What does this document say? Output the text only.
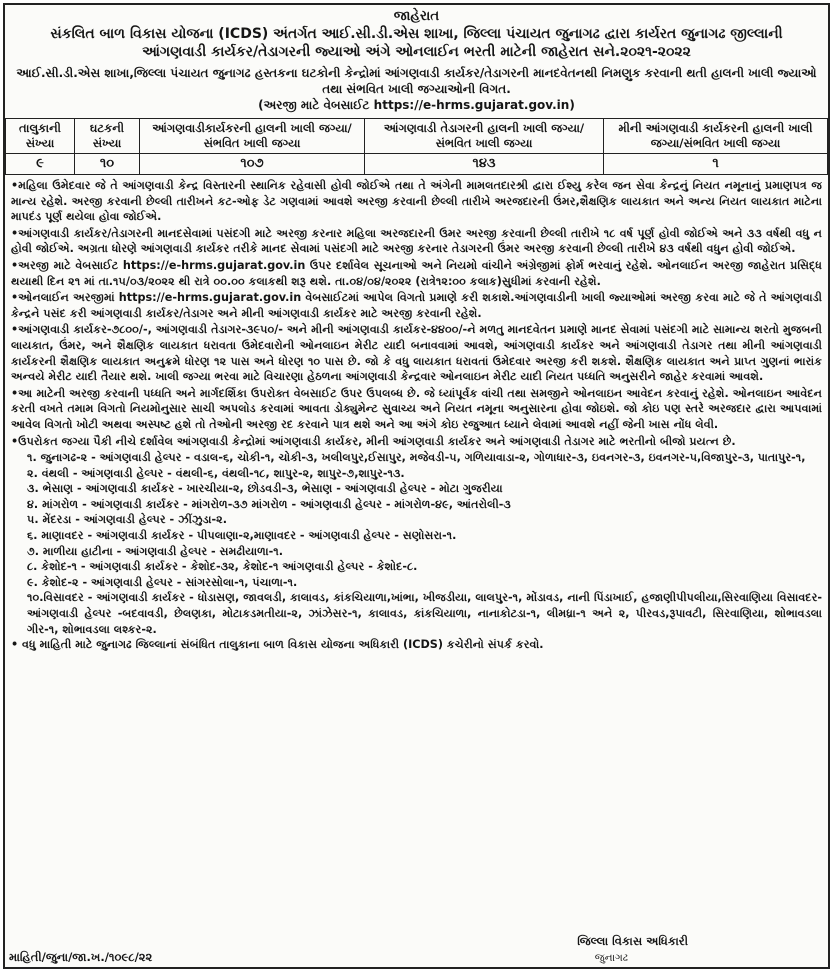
જાહેરાત
સંકલિત બાળ વિકાસ યોજના (ICDS) અંતર્ગત આઈ.સી.ડી.એસ શાખા, જિલ્લા પંચાયત જુનાગઢ દ્વારા કાર્યરત જુનાગઢ જીલ્લાની
આંગણવાડી કાર્યકર/તેડાગરની જ્યાઓ અંગે ઓનલાઈન ભરતી માટેની જાહેરાત સને.૨૦૨૧-૨૦૨૨
આઈ.સી.ડી.એસ શાખા,જિલ્લા પંચાયત જુનાગઢ હસ્તકના ઘટકોની કેન્દ્રોમાં આંગણવાડી કાર્યકર/તેડાગરની માનદવેતનથી નિમણુક કરવાની થતી હાલની ખાલી જ્યાઓ તથા સંભવિત ખાલી જગ્યાઓની વિગત.
(અરજી માટે વેબસાઈટ https://e-hrms.gujarat.gov.in)
તાલુકાની સંખ્યા	ઘટકની સંખ્યા	આંગણવાડીકાર્યકરની હાલની ખાલી જગ્યા/સંભવિત ખાલી જગ્યા	આંગણવાડી તેડાગરની હાલની ખાલી જગ્યા/ સંભવિત ખાલી જગ્યા	મીની આંગણવાડી કાર્યકરની હાલની ખાલી જગ્યા/સંભવિત ખાલી જગ્યા
૯	૧૦	૧૦૭	૧૪૩	૧

•મહિલા ઉમેદવાર જે તે આંગણવાડી કેન્દ્ર વિસ્તારની સ્થાનિક રહેવાસી હોવી જોઈએ તથા તે અંગેની મામલતદારશ્રી દ્વારા ઈશ્યુ કરેલ જન સેવા કેન્દ્રનું નિયત નમૂનાનું પ્રમાણપત્ર જ માન્ય રહેશે. અરજી કરવાની છેલ્લી તારીખને કટ-ઓફ ડેટ ગણવામાં આવશે અરજી કરવાની છેલ્લી તારીખે અરજદારની ઉંમર,શૈક્ષણિક લાયકાત અને અન્ય નિયત લાયકાત માટેના માપદંડ પૂર્ણ થયેલા હોવા જોઈએ.

•આંગણવાડી કાર્યકર/તેડાગરની માનદસેવામાં પસંદગી માટે અરજી કરનાર મહિલા અરજદારની ઉમર અરજી કરવાની છેલ્લી તારીખે ૧૮ વર્ષ પૂર્ણ હોવી જોઈએ અને ૩૩ વર્ષથી વધુ ન હોવી જોઈએ. અગ્રતા ધોરણે આંગણવાડી કાર્યકર તરીકે માનદ સેવામાં પસંદગી માટે અરજી કરનાર તેડાગરની ઉંમર અરજી કરવાની છેલ્લી તારીખે ૪૩ વર્ષથી વધુન હોવી જોઈએ.

•અરજી માટે વેબસાઈટ https://e-hrms.gujarat.gov.in ઉપર દર્શાવેલ સૂચનાઓ અને નિયમો વાંચીને અંગ્રેજીમાં ફોર્મ ભરવાનું રહેશે. ઓનલાઈન અરજી જાહેરાત પ્રસિદ્ધ થયાથી દિન ૨૧ માં તા.૧૫/૦૩/૨૦૨૨ થી રાત્રે ૦૦.૦૦ કલાકથી શરૂ થશે. તા.૦૪/૦૪/૨૦૨૨ (રાત્રે૧૨:૦૦ કલાક)સુધીમાં કરવાની રહેશે.

•ઓનલાઈન અરજીમાં https://e-hrms.gujarat.gov.in વેબસાઈટમાં આપેલ વિગતો પ્રમાણે કરી શકાશે.આંગણવાડીની ખાલી જ્યાઓમાં અરજી કરવા માટે જે તે આંગણવાડી કેન્દ્રને પસંદ કરી આંગણવાડી કાર્યકર/તેડાગર અને મીની આંગણવાડી કાર્યકર માટે અરજી કરવાની રહેશે.

•આંગણવાડી કાર્યકર-૭૮૦૦/-, આંગણવાડી તેડાગર-૩૯૫૦/- અને મીની આંગણવાડી કાર્યકર-૪૪૦૦/-ને મળતુ માનદવેતન પ્રમાણે માનદ સેવામાં પસંદગી માટે સામાન્ય શરતો મુજબની લાયકાત, ઉંમર, અને શૈક્ષણિક લાયકાત ધરાવતા ઉમેદવારોની ઓનલાઇન મેરીટ યાદી બનાવવામાં આવશે, આંગણવાડી કાર્યકર અને આંગણવાડી તેડાગર તથા મીની આંગણવાડી કાર્યકરની શૈક્ષણિક લાયકાત અનુક્રમે ધોરણ ૧૨ પાસ અને ધોરણ ૧૦ પાસ છે. જો કે વધુ લાયકાત ધરાવતાં ઉમેદવાર અરજી કરી શકશે. શૈક્ષણિક લાયકાત અને પ્રાપ્ત ગુણનાં ભારાંક અન્વયે મેરીટ યાદી તૈયાર થશે. ખાલી જગ્યા ભરવા માટે વિચારણા હેઠળના આંગણવાડી કેન્દ્રવાર ઓનલાઇન મેરીટ યાદી નિયત પધ્ધતિ અનુસરીને જાહેર કરવામાં આવશે.

•આ માટેની અરજી કરવાની પધ્ધતિ અને માર્ગદર્શિકા ઉપરોક્ત વેબસાઈટ ઉપર ઉપલબ્ધ છે. જે ધ્યાંપૂર્વક વાંચી તથા સમજીને ઓનલાઇન આવેદન કરવાનું રહેશે. ઓનલાઇન આવેદન કરતી વખતે તમામ વિગતો નિયમોનુસાર સાચી અપલોડ કરવામાં આવતા ડોક્યુમેન્ટ સુવાચ્ય અને નિયત નમૂના અનુસારના હોવા જોઇશે. જો કોઇ પણ સ્તરે અરજદાર દ્વારા આપવામાં આવેલ વિગતો ખોટી અથવા અસ્પષ્ટ હશે તો તેઓની અરજી રદ કરવાને પાત્ર થશે અને આ અંગે કોઇ રજુઆત ધ્યાને લેવામાં આવશે નહીં જેની ખાસ નોંધ લેવી.

•ઉપરોકત જગ્યા પૈકી નીચે દર્શાવેલ આંગણવાડી કેન્દ્રોમાં આંગણવાડી કાર્યકર, મીની આંગણવાડી કાર્યકર અને આંગણવાડી તેડાગર માટે ભરતીનો બીજો પ્રયત્ન છે.

૧. જુનાગઢ-૨ - આંગણવાડી હેલ્પર - વડાલ-૬, ચોકી-૧, ચોકી-૩, ખલીલપુર,ઈસાપુર, મજેવડી-૫, ગળિયાવાડા-૨, ગોળાધાર-૩, ઇવનગર-૩, ઇવનગર-૫,વિજાપુર-૩, પાતાપુર-૧,
૨. વંથલી - આંગણવાડી હેલ્પર - વંથલી-૬, વંથલી-૧૮, શાપુર-૨, શાપુર-૭,શાપુર-૧૩.
૩. ભેસાણ - આંગણવાડી કાર્યકર - ખારચીયા-૨, છોડવડી-૩, ભેસાણ - આંગણવાડી હેલ્પર - મોટા ગુજરીયા
૪. માંગરોળ - આંગણવાડી કાર્યકર - માંગરોળ-૩૭ માંગરોળ - આંગણવાડી હેલ્પર - માંગરોળ-૪૯, આંતરોલી-૩
૫. મેંદરડા - આંગણવાડી હેલ્પર - ઝીંઝુડા-૨.
૬. માણાવદર - આંગણવાડી કાર્યકર - પીપલાણા-૨,માણાવદર - આંગણવાડી હેલ્પર - સણોસરા-૧.
૭. માળીયા હાટીના - આંગણવાડી હેલ્પર - સમઢીયાળા-૧.
૮. કેશોદ-૧ - આંગણવાડી કાર્યકર - કેશોદ-૩૨, કેશોદ-૧ આંગણવાડી હેલ્પર - કેશોદ-૮.
૯. કેશોદ-૨ - આંગણવાડી હેલ્પર - સાંગરસોલા-૧, પંચાળા-૧.
૧૦.વિસાવદર - આંગણવાડી કાર્યકર - ધોડાસણ, જાવલડી, કાલાવડ, કાંકચિયાળા,ખાંભા, ખીજડીયા, લાલપુર-૧, મોંડાવડ, નાની પિંડાખાઈ, હજાણીપીપલીયા,સિરવાણિયા વિસાવદર- આંગણવાડી હેલ્પર -બદવાવડી, છેલણકા, મોટાકડમતીયા-૨, ઝાંઝેસર-૧, કાલાવડ, કાંકચિયાળા, નાનાકોટડા-૧, લીમધ્રા-૧ અને ૨, પીરવડ,રૂપાવટી, સિરવાણિયા, શોભાવડલા ગીર-૧, શોભાવડલા લશ્કર-૨.

• વધુ માહિતી માટે જુનાગઢ જિલ્લાનાં સંબંધિત તાલુકાના બાળ વિકાસ યોજના અધિકારી (ICDS) કચેરીનો સંપર્ક કરવો.

જિલ્લા વિકાસ અધિકારી
જુનાગઢ
માહિતી/જુના/જા.ખ./૧૦૯૮/૨૨
